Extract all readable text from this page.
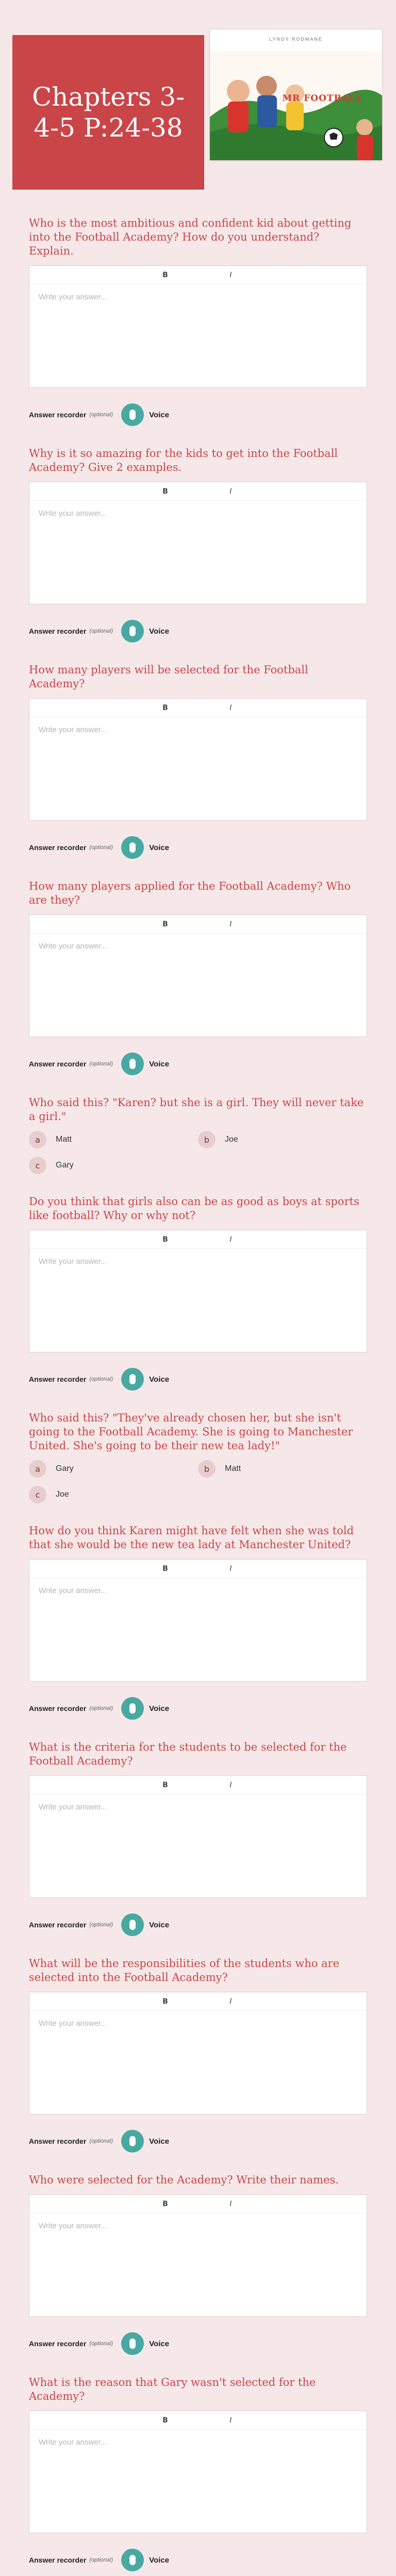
Chapters 3-4-5 P:24-38
LYNDY RODMANE
MR FOOTBALL
Who is the most ambitious and confident kid about getting into the Football Academy? How do you understand? Explain.
B	I
Write your answer...
Answer recorder (optional)	Voice
Why is it so amazing for the kids to get into the Football Academy? Give 2 examples.
B	I
Write your answer...
Answer recorder (optional)	Voice
How many players will be selected for the Football Academy?
B	I
Write your answer...
Answer recorder (optional)	Voice
How many players applied for the Football Academy? Who are they?
B	I
Write your answer...
Answer recorder (optional)	Voice
Who said this? "Karen? but she is a girl. They will never take a girl."
a	Matt	b	Joe
c	Gary
Do you think that girls also can be as good as boys at sports like football? Why or why not?
B	I
Write your answer...
Answer recorder (optional)	Voice
Who said this? "They've already chosen her, but she isn't going to the Football Academy. She is going to Manchester United. She's going to be their new tea lady!"
a	Gary	b	Matt
c	Joe
How do you think Karen might have felt when she was told that she would be the new tea lady at Manchester United?
B	I
Write your answer...
Answer recorder (optional)	Voice
What is the criteria for the students to be selected for the Football Academy?
B	I
Write your answer...
Answer recorder (optional)	Voice
What will be the responsibilities of the students who are selected into the Football Academy?
B	I
Write your answer...
Answer recorder (optional)	Voice
Who were selected for the Academy? Write their names.
B	I
Write your answer...
Answer recorder (optional)	Voice
What is the reason that Gary wasn't selected for the Academy?
B	I
Write your answer...
Answer recorder (optional)	Voice
